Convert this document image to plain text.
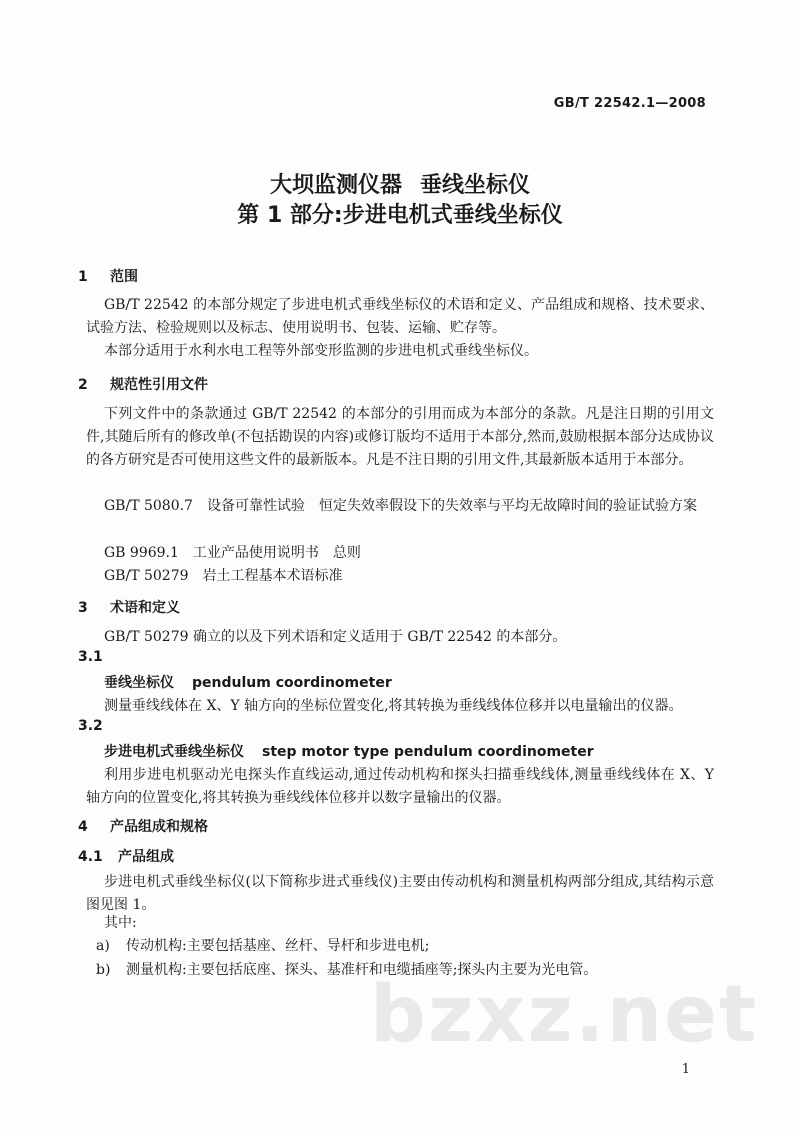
GB/T 22542.1—2008
大坝监测仪器 垂线坐标仪
第 1 部分:步进电机式垂线坐标仪
1 范围
GB/T 22542 的本部分规定了步进电机式垂线坐标仪的术语和定义、产品组成和规格、技术要求、试验方法、检验规则以及标志、使用说明书、包装、运输、贮存等。
本部分适用于水利水电工程等外部变形监测的步进电机式垂线坐标仪。
2 规范性引用文件
下列文件中的条款通过 GB/T 22542 的本部分的引用而成为本部分的条款。凡是注日期的引用文件,其随后所有的修改单(不包括勘误的内容)或修订版均不适用于本部分,然而,鼓励根据本部分达成协议的各方研究是否可使用这些文件的最新版本。凡是不注日期的引用文件,其最新版本适用于本部分。
GB/T 5080.7　设备可靠性试验　恒定失效率假设下的失效率与平均无故障时间的验证试验方案
GB 9969.1　工业产品使用说明书　总则
GB/T 50279　岩土工程基本术语标准
3 术语和定义
GB/T 50279 确立的以及下列术语和定义适用于 GB/T 22542 的本部分。
3.1
垂线坐标仪 pendulum coordinometer
测量垂线线体在 X、Y 轴方向的坐标位置变化,将其转换为垂线线体位移并以电量输出的仪器。
3.2
步进电机式垂线坐标仪 step motor type pendulum coordinometer
利用步进电机驱动光电探头作直线运动,通过传动机构和探头扫描垂线线体,测量垂线线体在 X、Y 轴方向的位置变化,将其转换为垂线线体位移并以数字量输出的仪器。
4 产品组成和规格
4.1 产品组成
步进电机式垂线坐标仪(以下简称步进式垂线仪)主要由传动机构和测量机构两部分组成,其结构示意图见图 1。
其中:
a) 传动机构:主要包括基座、丝杆、导杆和步进电机;
b) 测量机构:主要包括底座、探头、基准杆和电缆插座等;探头内主要为光电管。
bzxz.net
1
